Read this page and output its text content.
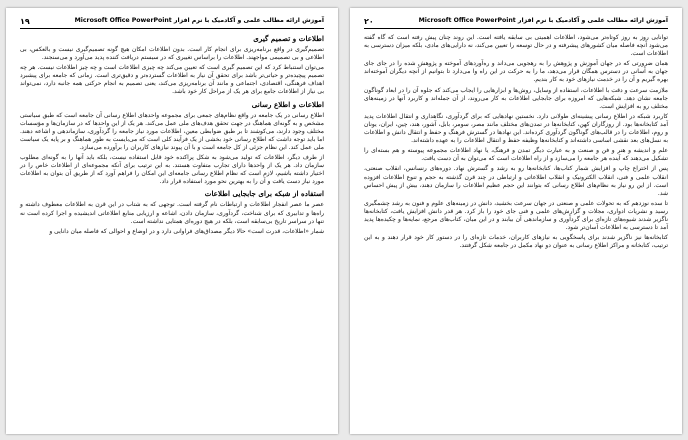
۱۹	آموزش ارائه مطالب علمی و آکادمیک با نرم افزار Microsoft Office PowerPoint
اطلاعات و تصمیم گیری

تصمیم‌گیری در واقع برنامه‌ریزی برای انجام کار است. بدون اطلاعات امکان هیچ گونه تصمیم‌گیری نیست و بالعکس، بی اطلاعی و بی تصمیمی مواجهند. اطلاعات را براساس تغییری که در سیستم دریافت کننده پدید می‌آورد و می‌سنجند.

می‌توان استنباط کرد که این تصمیم گیری است که تعیین می‌کند چه چیزی اطلاعات است و چه چیز اطلاعات نیست. هر چه تصمیم پیچیده‌تر و حیاتی‌تر باشد برای تحقق آن نیاز به اطلاعات گسترده‌تر و دقیق‌تری است. زمانی که جامعه برای پیشبرد اهداف فرهنگی، اقتصادی، اجتماعی و مانند آن برنامه‌ریزی می‌کند، یعنی تصمیم به انجام حرکتی همه جانبه دارد، نمی‌تواند بی نیاز از اطلاعات جامع برای هر یک از مراحل کار خود باشد.

اطلاعات و اطلاع رسانی

اطلاع رسانی در یک جامعه در واقع نظام‌های جمعی برای مجموعه واحدهای اطلاع رسانی آن جامعه است که طبق سیاستی مشخص و به گونه‌ای هماهنگ در جهت تحقق هدف‌های ملی عمل می‌کند. هر یک از این واحدها که در سازمان‌ها و مؤسسات مختلف وجود دارند، می‌کوشند تا بر طبق ضوابطی معین، اطلاعات مورد نیاز جامعه را گردآوری، سازماندهی و اشاعه دهند. اما باید توجه داشت که اطلاع رسانی خود بخشی از یک فرآیند کلی است که می‌بایست به طور هماهنگ و بر پایه یک سیاست ملی عمل کند. این نظام جزئی از کل جامعه است و با آن پیوند نیازهای کاربران را برآورده می‌سازد.

از طرف دیگر، اطلاعات که تولید می‌شود به شکل پراکنده خود قابل استفاده نیست، بلکه باید آنها را به گونه‌ای مطلوب سازمان داد. هر یک از واحدها دارای تجارب متفاوت هستند. به این ترتیب برای آنکه مجموعه‌ای از اطلاعات خاص را در اختیار داشته باشیم، لازم است که نظام اطلاع رسانی جامعه‌ای این امکان را فراهم آورد که از طریق آن بتوان به اطلاعات مورد نیاز دست یافت و آن را به بهترین نحو مورد استفاده قرار داد.

استفاده از شبکه برای جابجایی اطلاعات

عصر ما عصر انفجار اطلاعات و ارتباطات نام گرفته است. توجهی که به شتاب در این قرن به اطلاعات معطوف داشته و راه‌ها و تدابیری که برای شناخت، گردآوری، سازمان دادن، اشاعه و ارزیابی منابع اطلاعاتی اندیشیده و اجرا کرده است نه تنها در سراسر تاریخ بی‌سابقه است، بلکه در هیچ دوره‌ای همتایی نداشته است.

شمار «اطلاعات، قدرت است» حالا دیگر مصداق‌های فراوانی دارد و در اوضاع و احوالی که فاصله میان دانایی و

۲۰	آموزش ارائه مطالب علمی و آکادمیک با نرم افزار Microsoft Office PowerPoint

توانایی روز به روز کوتاه‌تر می‌شود، اطلاعات اهمیتی بی سابقه یافته است. این روند چنان پیش رفته است که گاه گفته می‌شود آنچه فاصله میان کشورهای پیشرفته و در حال توسعه را تعیین می‌کند، نه دارایی‌های مادی، بلکه میزان دسترسی به اطلاعات است.

همان ضرورتی که در جهان آموزش و پژوهش را به رهجویی می‌داند و ره‌آوردهای آموخته و پژوهش شده را در جای جای جهان به آسانی در دسترس همگان قرار می‌دهد، ما را به حرکت در این راه وا می‌دارد تا بتوانیم از آنچه دیگران آموخته‌اند بهره گیریم و آن را در خدمت نیازهای خود به کار بندیم.

ملازمت سرعت و دقت با اطلاعات، استفاده از وسایل، روش‌ها و ابزارهایی را ایجاب می‌کند که جلوه آن را در ابعاد گوناگون جامعه نشان دهد. شبکه‌هایی که امروزه برای جابجایی اطلاعات به کار می‌روند، از آن جمله‌اند و کاربرد آنها در زمینه‌های مختلف رو به افزایش است.

کاربرد شبکه در اطلاع رسانی پیشینه‌ای طولانی دارد. نخستین نهادهایی که برای گردآوری، نگاهداری و انتقال اطلاعات پدید آمد کتابخانه‌ها بود. از روزگاران کهن، کتابخانه‌ها در تمدن‌های مختلف مانند مصر، سومر، بابل، آشور، هند، چین، ایران، یونان و روم، اطلاعات را در قالب‌های گوناگون گردآوری کرده‌اند. این نهادها در گسترش فرهنگ و حفظ و انتقال دانش و اطلاعات به نسل‌های بعد نقشی اساسی داشته‌اند و کتابخانه‌ها وظیفه حفظ و انتقال اطلاعات را به عهده داشته‌اند.

علم و اندیشه و هنر و فن و صنعت و به عبارت دیگر تمدن و فرهنگ، یا نهاد اطلاعات مجموعه پیوسته و هم بسته‌ای را تشکیل می‌دهند که آینده هر جامعه را می‌سازد و از راه اطلاعات است که می‌توان به آن دست یافت.

پس از اختراع چاپ و افزایش شمار کتاب‌ها، کتابخانه‌ها رو به رشد و گسترش نهاد. دوره‌های رنسانس، انقلاب صنعتی، انقلاب علمی و فنی، انقلاب الکترونیک و انقلاب اطلاعاتی و ارتباطی در چند قرن گذشته به حجم و تنوع اطلاعات افزوده است. از این رو نیاز به نظام‌های اطلاع رسانی که بتوانند این حجم عظیم اطلاعات را سازمان دهند، بیش از پیش احساس شد.

تا سده نوزدهم که به تحولات علمی و صنعتی در جهان سرعت بخشید، دانش در زمینه‌های علوم و فنون به رشد چشمگیری رسید و نشریات ادواری، مجلات و گزارش‌های علمی و فنی جای خود را باز کرد. هر قدر دانش افزایش یافت، کتابخانه‌ها ناگزیر شدند شیوه‌های تازه‌ای برای گردآوری و سازماندهی آن بیابند و در این میان، کتاب‌های مرجع، نمایه‌ها و چکیده‌ها پدید آمد تا دسترسی به اطلاعات آسان‌تر شود.

کتابخانه‌ها نیز ناگزیر شدند برای پاسخگویی به نیازهای کاربران، خدمات تازه‌ای را در دستور کار خود قرار دهند و به این ترتیب، کتابخانه و مراکز اطلاع رسانی به عنوان دو نهاد مکمل در جامعه شکل گرفتند.
